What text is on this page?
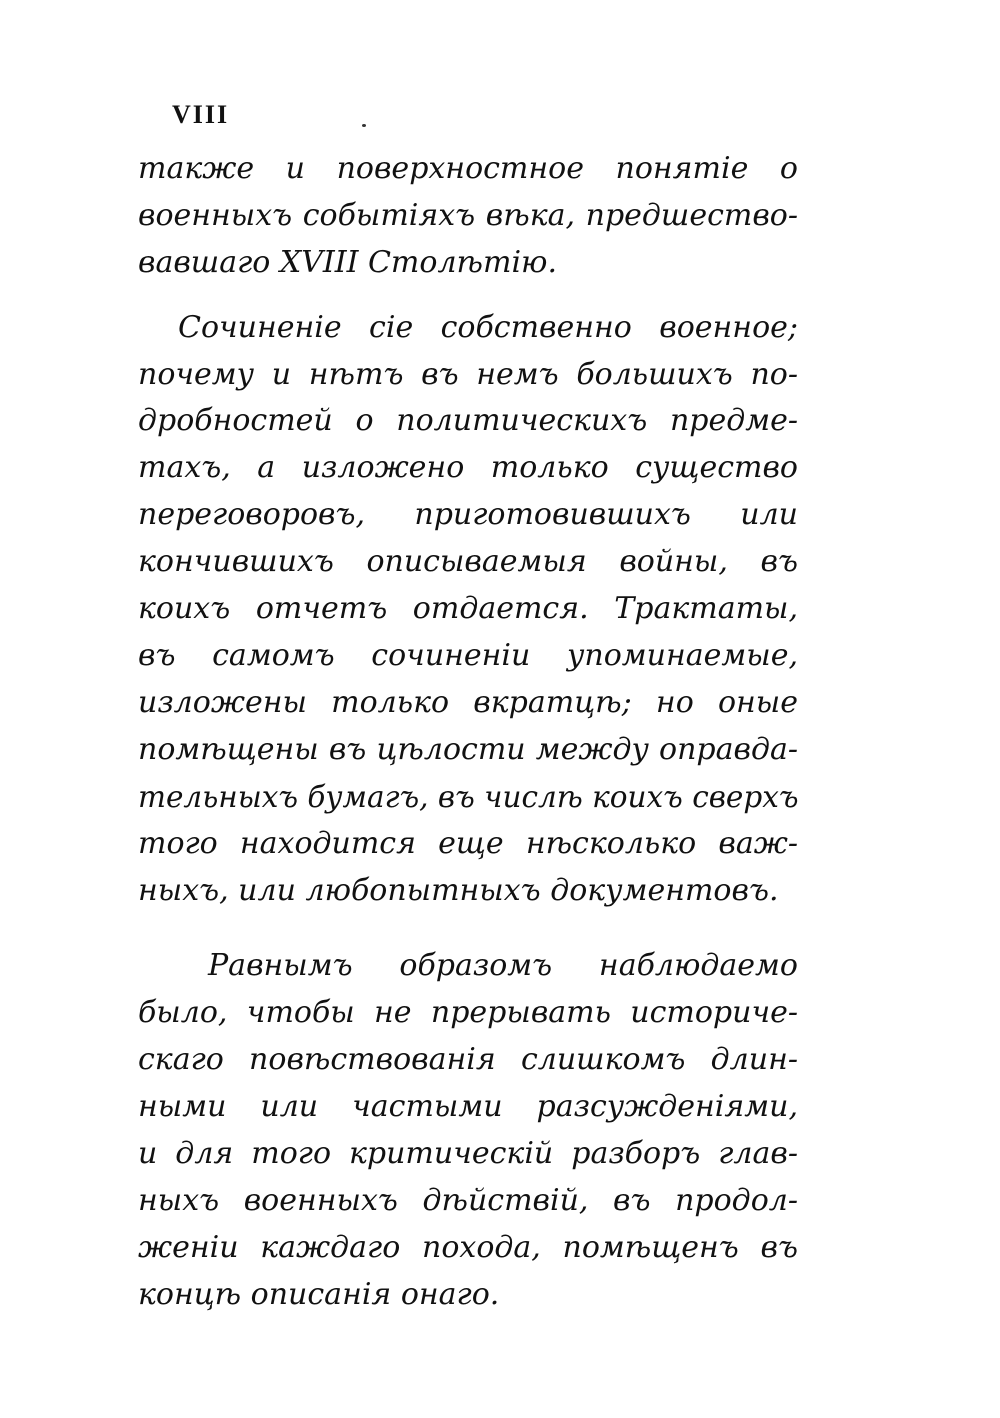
VIII
также и поверхностное понятіе о
военныхъ событіяхъ вѣка, предшество-
вавшаго XVIII Столѣтію.
Сочиненіе сіе собственно военное;
почему и нѣтъ въ немъ большихъ по-
дробностей о политическихъ предме-
тахъ, а изложено только существо
переговоровъ, приготовившихъ или
кончившихъ описываемыя войны, въ
коихъ отчетъ отдается. Трактаты,
въ самомъ сочиненіи упоминаемые,
изложены только вкратцѣ; но оные
помѣщены въ цѣлости между оправда-
тельныхъ бумагъ, въ числѣ коихъ сверхъ
того находится еще нѣсколько важ-
ныхъ, или любопытныхъ документовъ.
Равнымъ образомъ наблюдаемо
было, чтобы не прерывать историче-
скаго повѣствованія слишкомъ длин-
ными или частыми разсужденіями,
и для того критическій разборъ глав-
ныхъ военныхъ дѣйствій, въ продол-
женіи каждаго похода, помѣщенъ въ
концѣ описанія онаго.
